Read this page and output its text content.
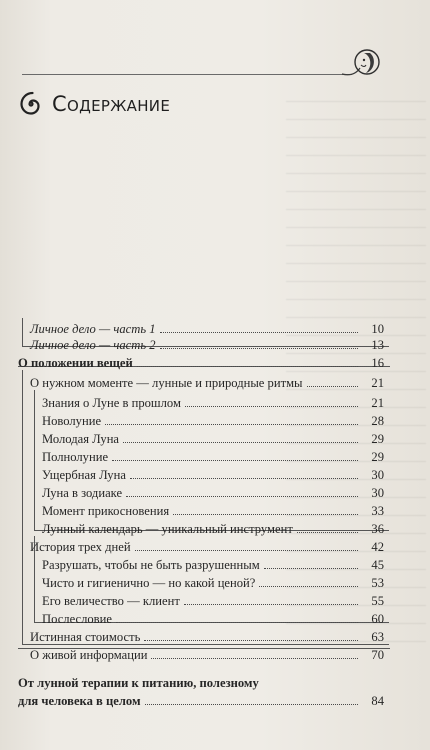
Содержание
Личное дело — часть 1	10
Личное дело — часть 2	13
О положении вещей	16
О нужном моменте — лунные и природные ритмы	21
Знания о Луне в прошлом	21
Новолуние	28
Молодая Луна	29
Полнолуние	29
Ущербная Луна	30
Луна в зодиаке	30
Момент прикосновения	33
Лунный календарь — уникальный инструмент	36
История трех дней	42
Разрушать, чтобы не быть разрушенным	45
Чисто и гигиенично — но какой ценой?	53
Его величество — клиент	55
Послесловие	60
Истинная стоимость	63
О живой информации	70
От лунной терапии к питанию, полезному
для человека в целом	84
